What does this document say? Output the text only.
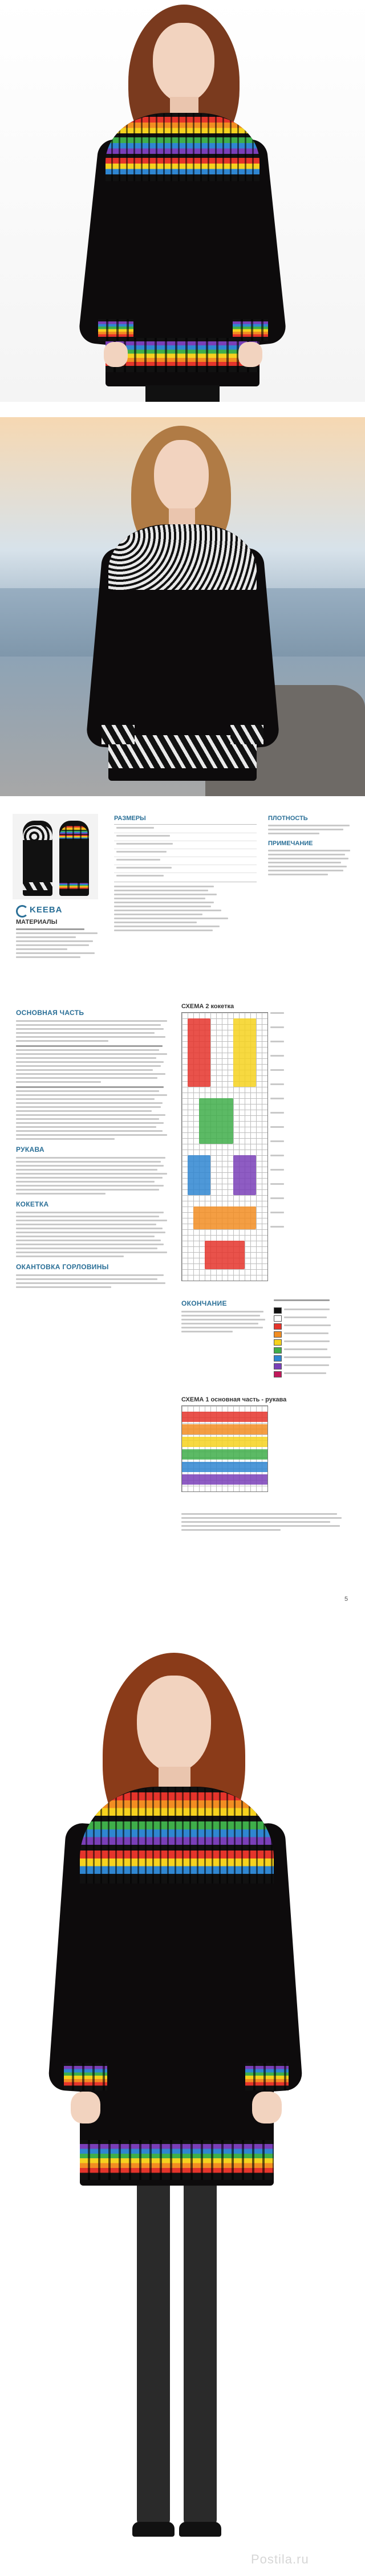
KEEBA
МАТЕРИАЛЫ
РАЗМЕРЫ	ПЛОТНОСТЬ
ПРИМЕЧАНИЕ
ОСНОВНАЯ ЧАСТЬ
РУКАВА
КОКЕТКА
ОКАНТОВКА ГОРЛОВИНЫ
СХЕМА 2 кокетка
ОКОНЧАНИЕ
СХЕМА 1 основная часть - рукава
5
Postila.ru
